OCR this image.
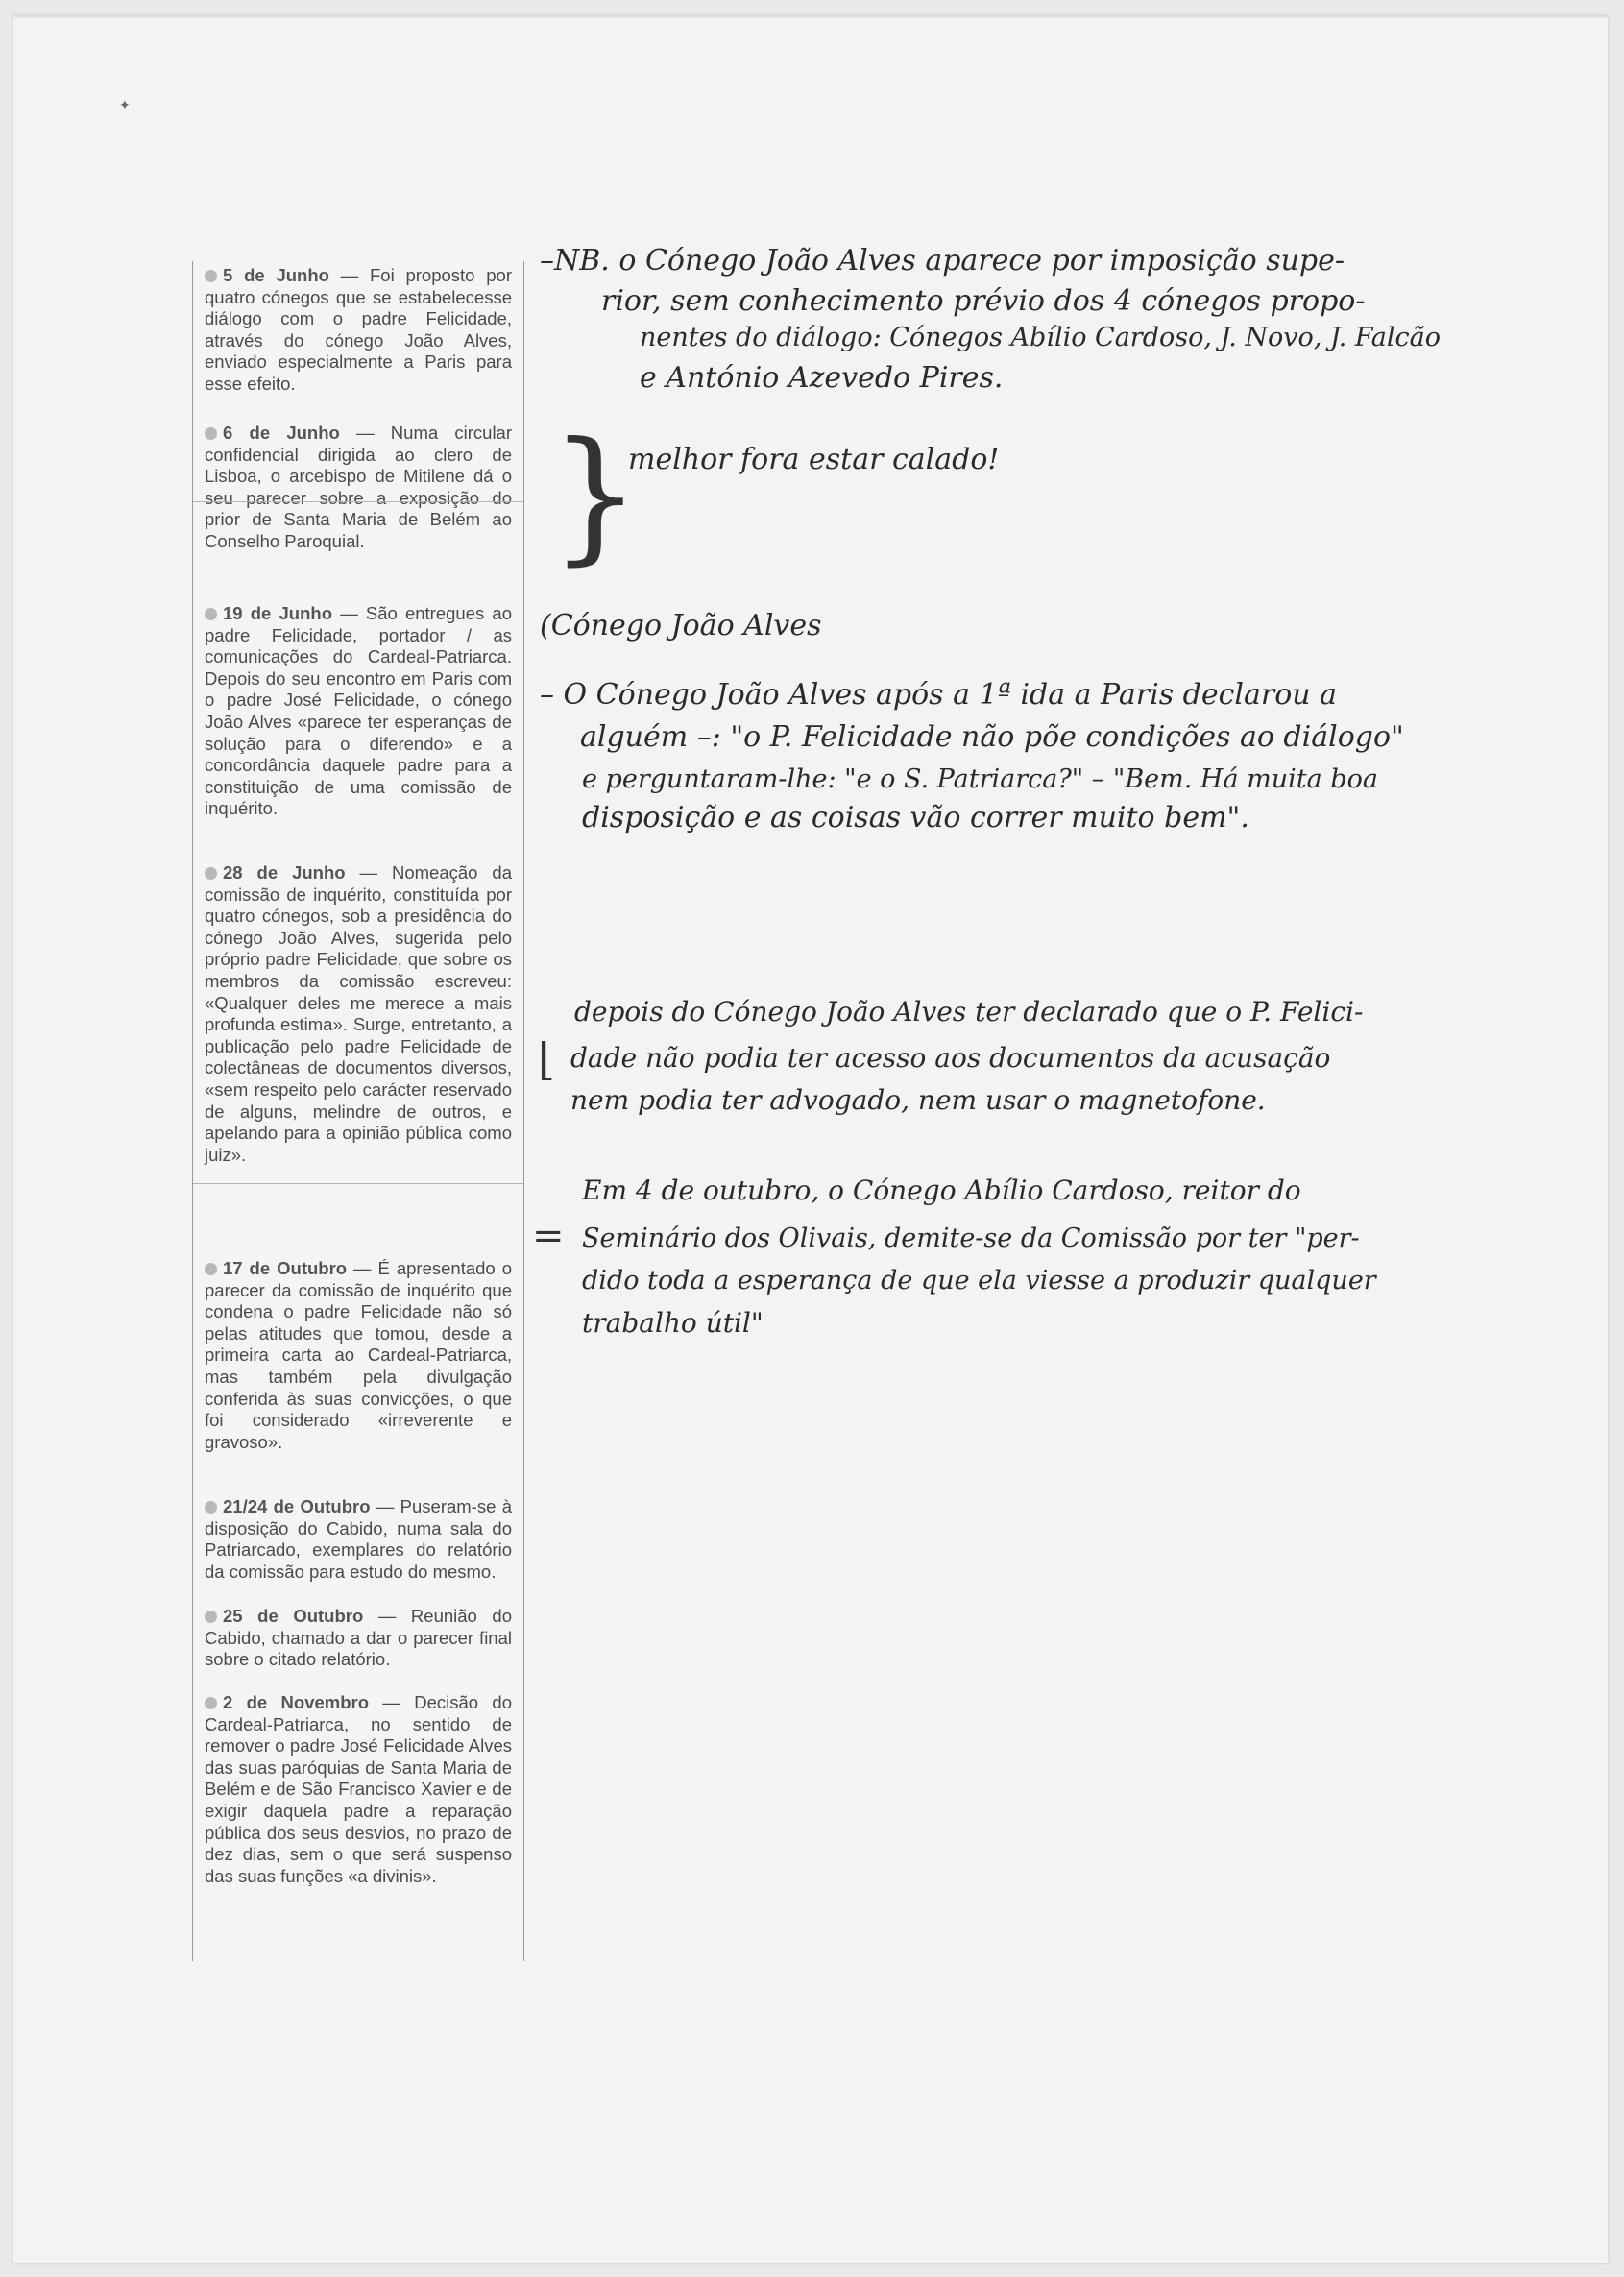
✦
5 de Junho — Foi proposto por quatro cónegos que se estabelecesse diálogo com o padre Felicidade, através do cónego João Alves, enviado especialmente a Paris para esse efeito.
6 de Junho — Numa circular confidencial dirigida ao clero de Lisboa, o arcebispo de Mitilene dá o seu parecer sobre a exposição do prior de Santa Maria de Belém ao Conselho Paroquial.
19 de Junho — São entregues ao padre Felicidade, portador / as comunicações do Cardeal-Patriarca. Depois do seu encontro em Paris com o padre José Felicidade, o cónego João Alves «parece ter esperanças de solução para o diferendo» e a concordância daquele padre para a constituição de uma comissão de inquérito.
28 de Junho — Nomeação da comissão de inquérito, constituída por quatro cónegos, sob a presidência do cónego João Alves, sugerida pelo próprio padre Felicidade, que sobre os membros da comissão escreveu: «Qualquer deles me merece a mais profunda estima». Surge, entretanto, a publicação pelo padre Felicidade de colectâneas de documentos diversos, «sem respeito pelo carácter reservado de alguns, melindre de outros, e apelando para a opinião pública como juiz».
17 de Outubro — É apresentado o parecer da comissão de inquérito que condena o padre Felicidade não só pelas atitudes que tomou, desde a primeira carta ao Cardeal-Patriarca, mas também pela divulgação conferida às suas convicções, o que foi considerado «irreverente e gravoso».
21/24 de Outubro — Puseram-se à disposição do Cabido, numa sala do Patriarcado, exemplares do relatório da comissão para estudo do mesmo.
25 de Outubro — Reunião do Cabido, chamado a dar o parecer final sobre o citado relatório.
2 de Novembro — Decisão do Cardeal-Patriarca, no sentido de remover o padre José Felicidade Alves das suas paróquias de Santa Maria de Belém e de São Francisco Xavier e de exigir daquela padre a reparação pública dos seus desvios, no prazo de dez dias, sem o que será suspenso das suas funções «a divinis».
–NB. o Cónego João Alves aparece por imposição supe-
rior, sem conhecimento prévio dos 4 cónegos propo-
nentes do diálogo: Cónegos Abílio Cardoso, J. Novo, J. Falcão
e António Azevedo Pires.
}
melhor fora estar calado!
(Cónego João Alves
– O Cónego João Alves após a 1ª ida a Paris declarou a
alguém –: "o P. Felicidade não põe condições ao diálogo"
e perguntaram-lhe: "e o S. Patriarca?" – "Bem. Há muita boa
disposição e as coisas vão correr muito bem".
⌊
depois do Cónego João Alves ter declarado que o P. Felici-
dade não podia ter acesso aos documentos da acusação
nem podia ter advogado, nem usar o magnetofone.
=
Em 4 de outubro, o Cónego Abílio Cardoso, reitor do
Seminário dos Olivais, demite-se da Comissão por ter "per-
dido toda a esperança de que ela viesse a produzir qualquer
trabalho útil"
